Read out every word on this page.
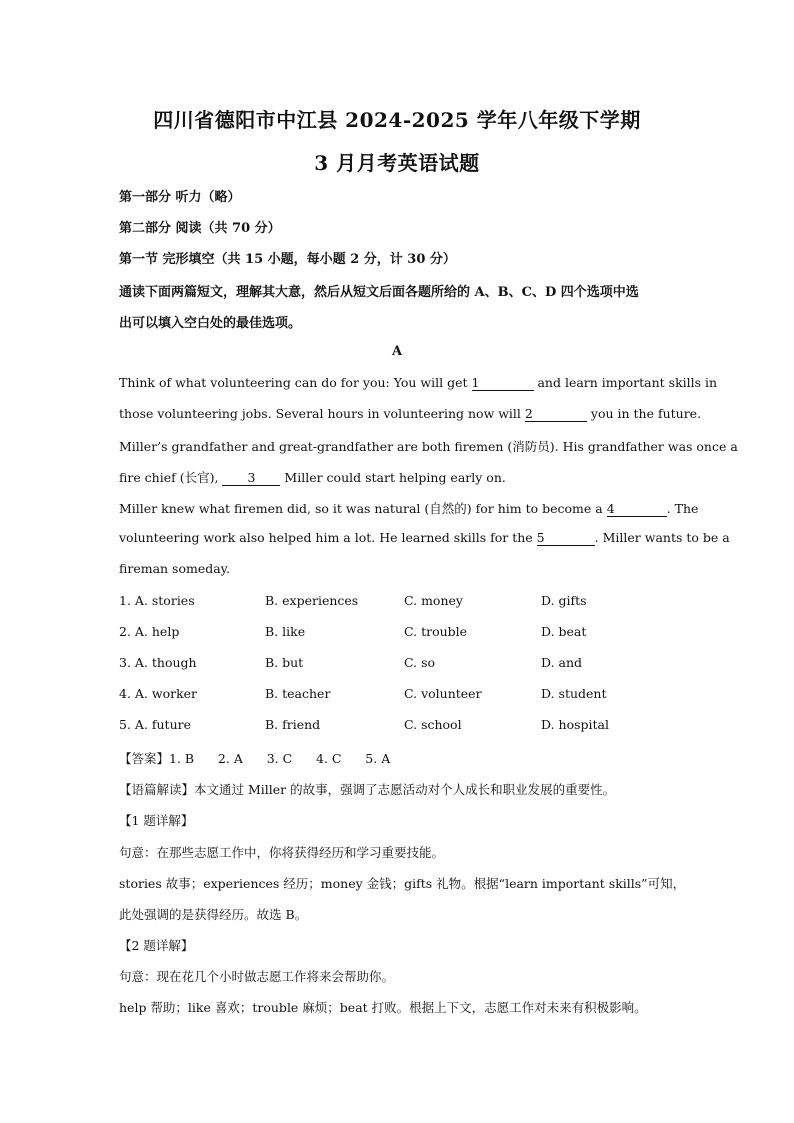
四川省德阳市中江县 2024-2025 学年八年级下学期
3 月月考英语试题
第一部分 听力（略）
第二部分 阅读（共 70 分）
第一节 完形填空（共 15 小题，每小题 2 分，计 30 分）
通读下面两篇短文，理解其大意，然后从短文后面各题所给的 A、B、C、D 四个选项中选
出可以填入空白处的最佳选项。
A
Think of what volunteering can do for you: You will get 1	and learn important skills in
those volunteering jobs. Several hours in volunteering now will 2	you in the future.
Miller’s grandfather and great-grandfather are both firemen (消防员). His grandfather was once a
fire chief (长官), 3 Miller could start helping early on.
Miller knew what firemen did, so it was natural (自然的) for him to become a 4	. The
volunteering work also helped him a lot. He learned skills for the 5	. Miller wants to be a
fireman someday.
1. A. stories	B. experiences	C. money	D. gifts
2. A. help	B. like	C. trouble	D. beat
3. A. though	B. but	C. so	D. and
4. A. worker	B. teacher	C. volunteer	D. student
5. A. future	B. friend	C. school	D. hospital
【答案】1. B      2. A      3. C      4. C      5. A
【语篇解读】本文通过 Miller 的故事，强调了志愿活动对个人成长和职业发展的重要性。
【1 题详解】
句意：在那些志愿工作中，你将获得经历和学习重要技能。
stories 故事；experiences 经历；money 金钱；gifts 礼物。根据“learn important skills”可知，
此处强调的是获得经历。故选 B。
【2 题详解】
句意：现在花几个小时做志愿工作将来会帮助你。
help 帮助；like 喜欢；trouble 麻烦；beat 打败。根据上下文，志愿工作对未来有积极影响。
